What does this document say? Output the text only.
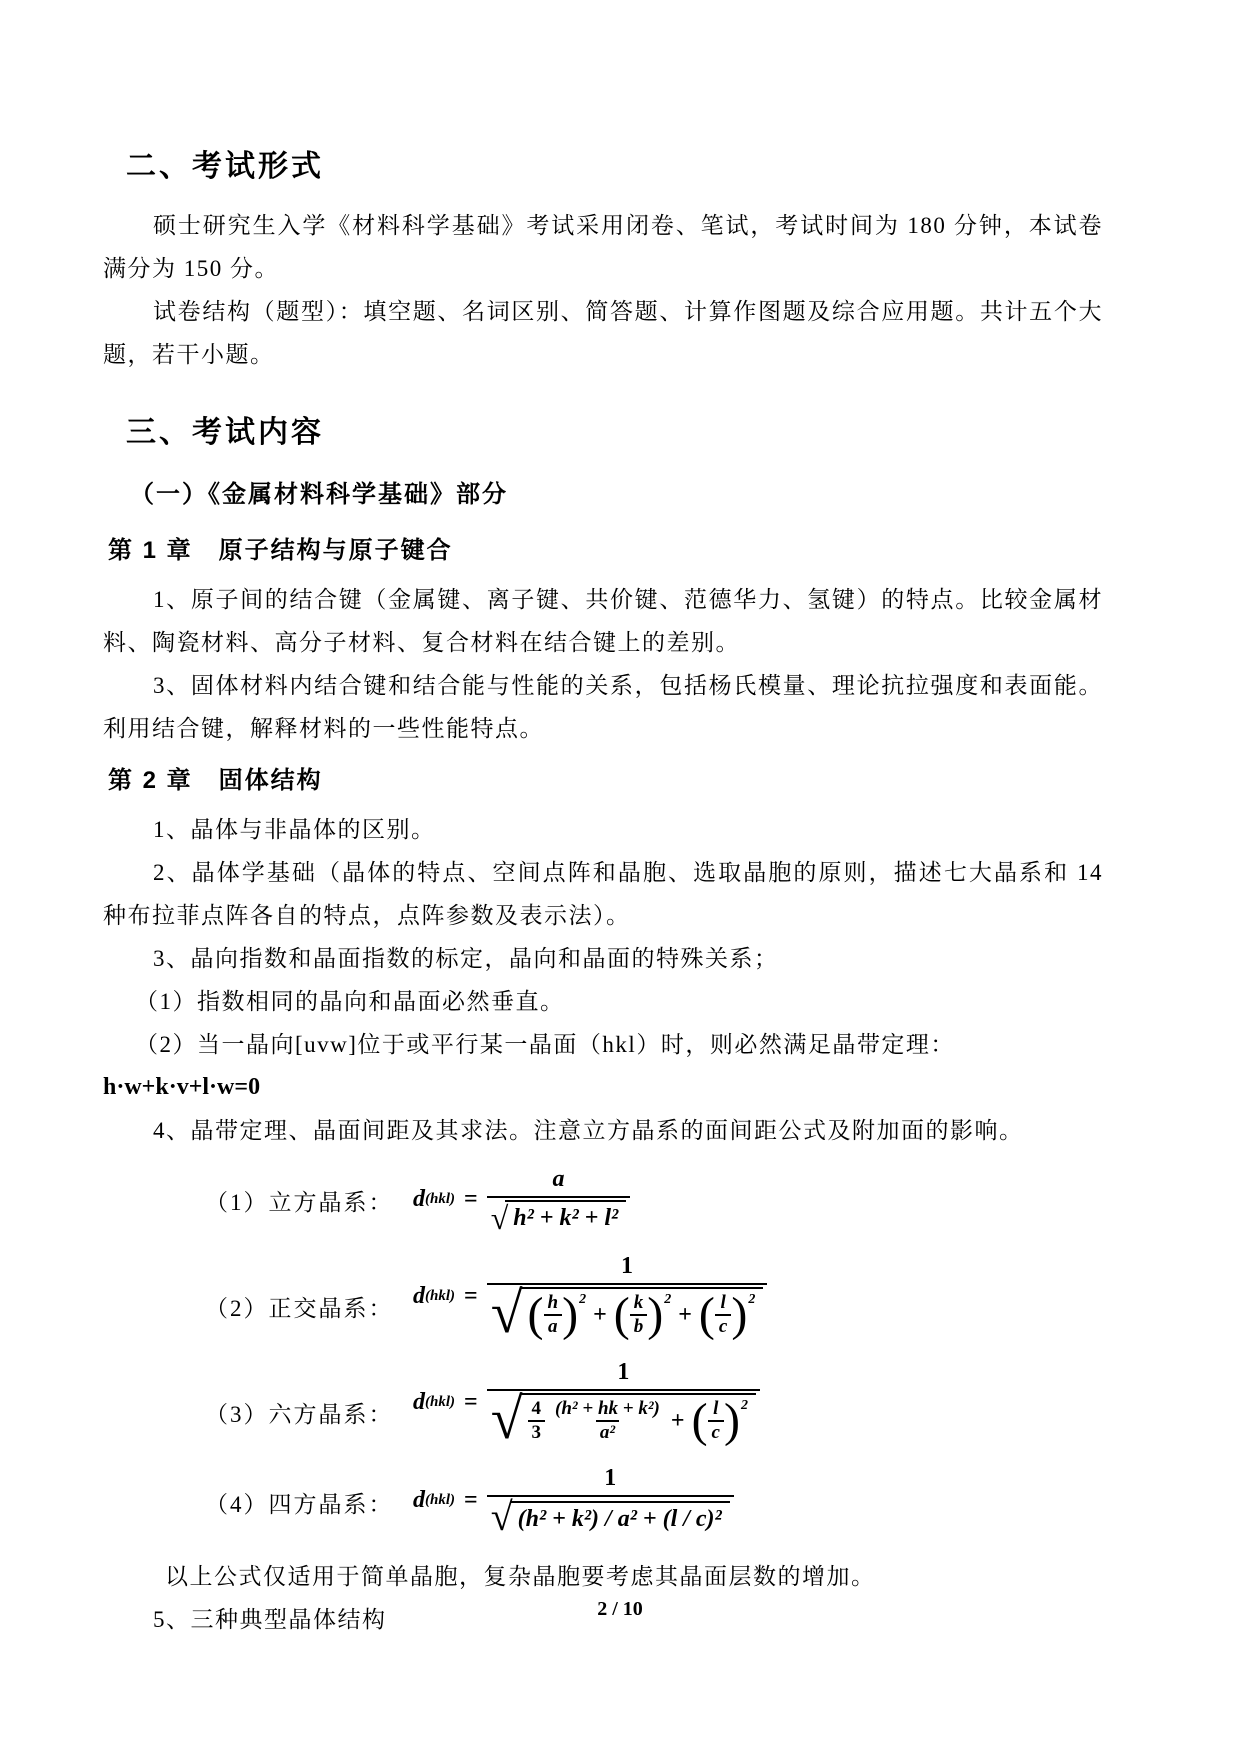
二、考试形式

硕士研究生入学《材料科学基础》考试采用闭卷、笔试，考试时间为 180 分钟，本试卷满分为 150 分。

试卷结构（题型）：填空题、名词区别、简答题、计算作图题及综合应用题。共计五个大题，若干小题。

三、考试内容
（一）《金属材料科学基础》部分
第 1 章　原子结构与原子键合

1、原子间的结合键（金属键、离子键、共价键、范德华力、氢键）的特点。比较金属材料、陶瓷材料、高分子材料、复合材料在结合键上的差别。

3、固体材料内结合键和结合能与性能的关系，包括杨氏模量、理论抗拉强度和表面能。利用结合键，解释材料的一些性能特点。

第 2 章　固体结构

1、晶体与非晶体的区别。

2、晶体学基础（晶体的特点、空间点阵和晶胞、选取晶胞的原则，描述七大晶系和 14 种布拉菲点阵各自的特点，点阵参数及表示法）。

3、晶向指数和晶面指数的标定，晶向和晶面的特殊关系；

（1）指数相同的晶向和晶面必然垂直。

（2）当一晶向[uvw]位于或平行某一晶面（hkl）时，则必然满足晶带定理：

h·w+k·v+l·w=0

4、晶带定理、晶面间距及其求法。注意立方晶系的面间距公式及附加面的影响。

（1）立方晶系： d $(hkl) = \frac{a}{\text{√ h² + k² + l²}}$
（2）正交晶系：
d (hkl) =
1
√ ( h
a )$^2$
+ ( k
b )$^2$
+ ( l
c )$^2$
（3）六方晶系：
d (hkl) =
1
√ 4
3
(h² + hk + k²)
a² + ( l
c )$^2$
（4）四方晶系： d $(hkl) = \frac{1}{\text{√ (h² + k²) / a² + (l / c)²}}$

以上公式仅适用于简单晶胞，复杂晶胞要考虑其晶面层数的增加。

5、三种典型晶体结构	2 / 10
